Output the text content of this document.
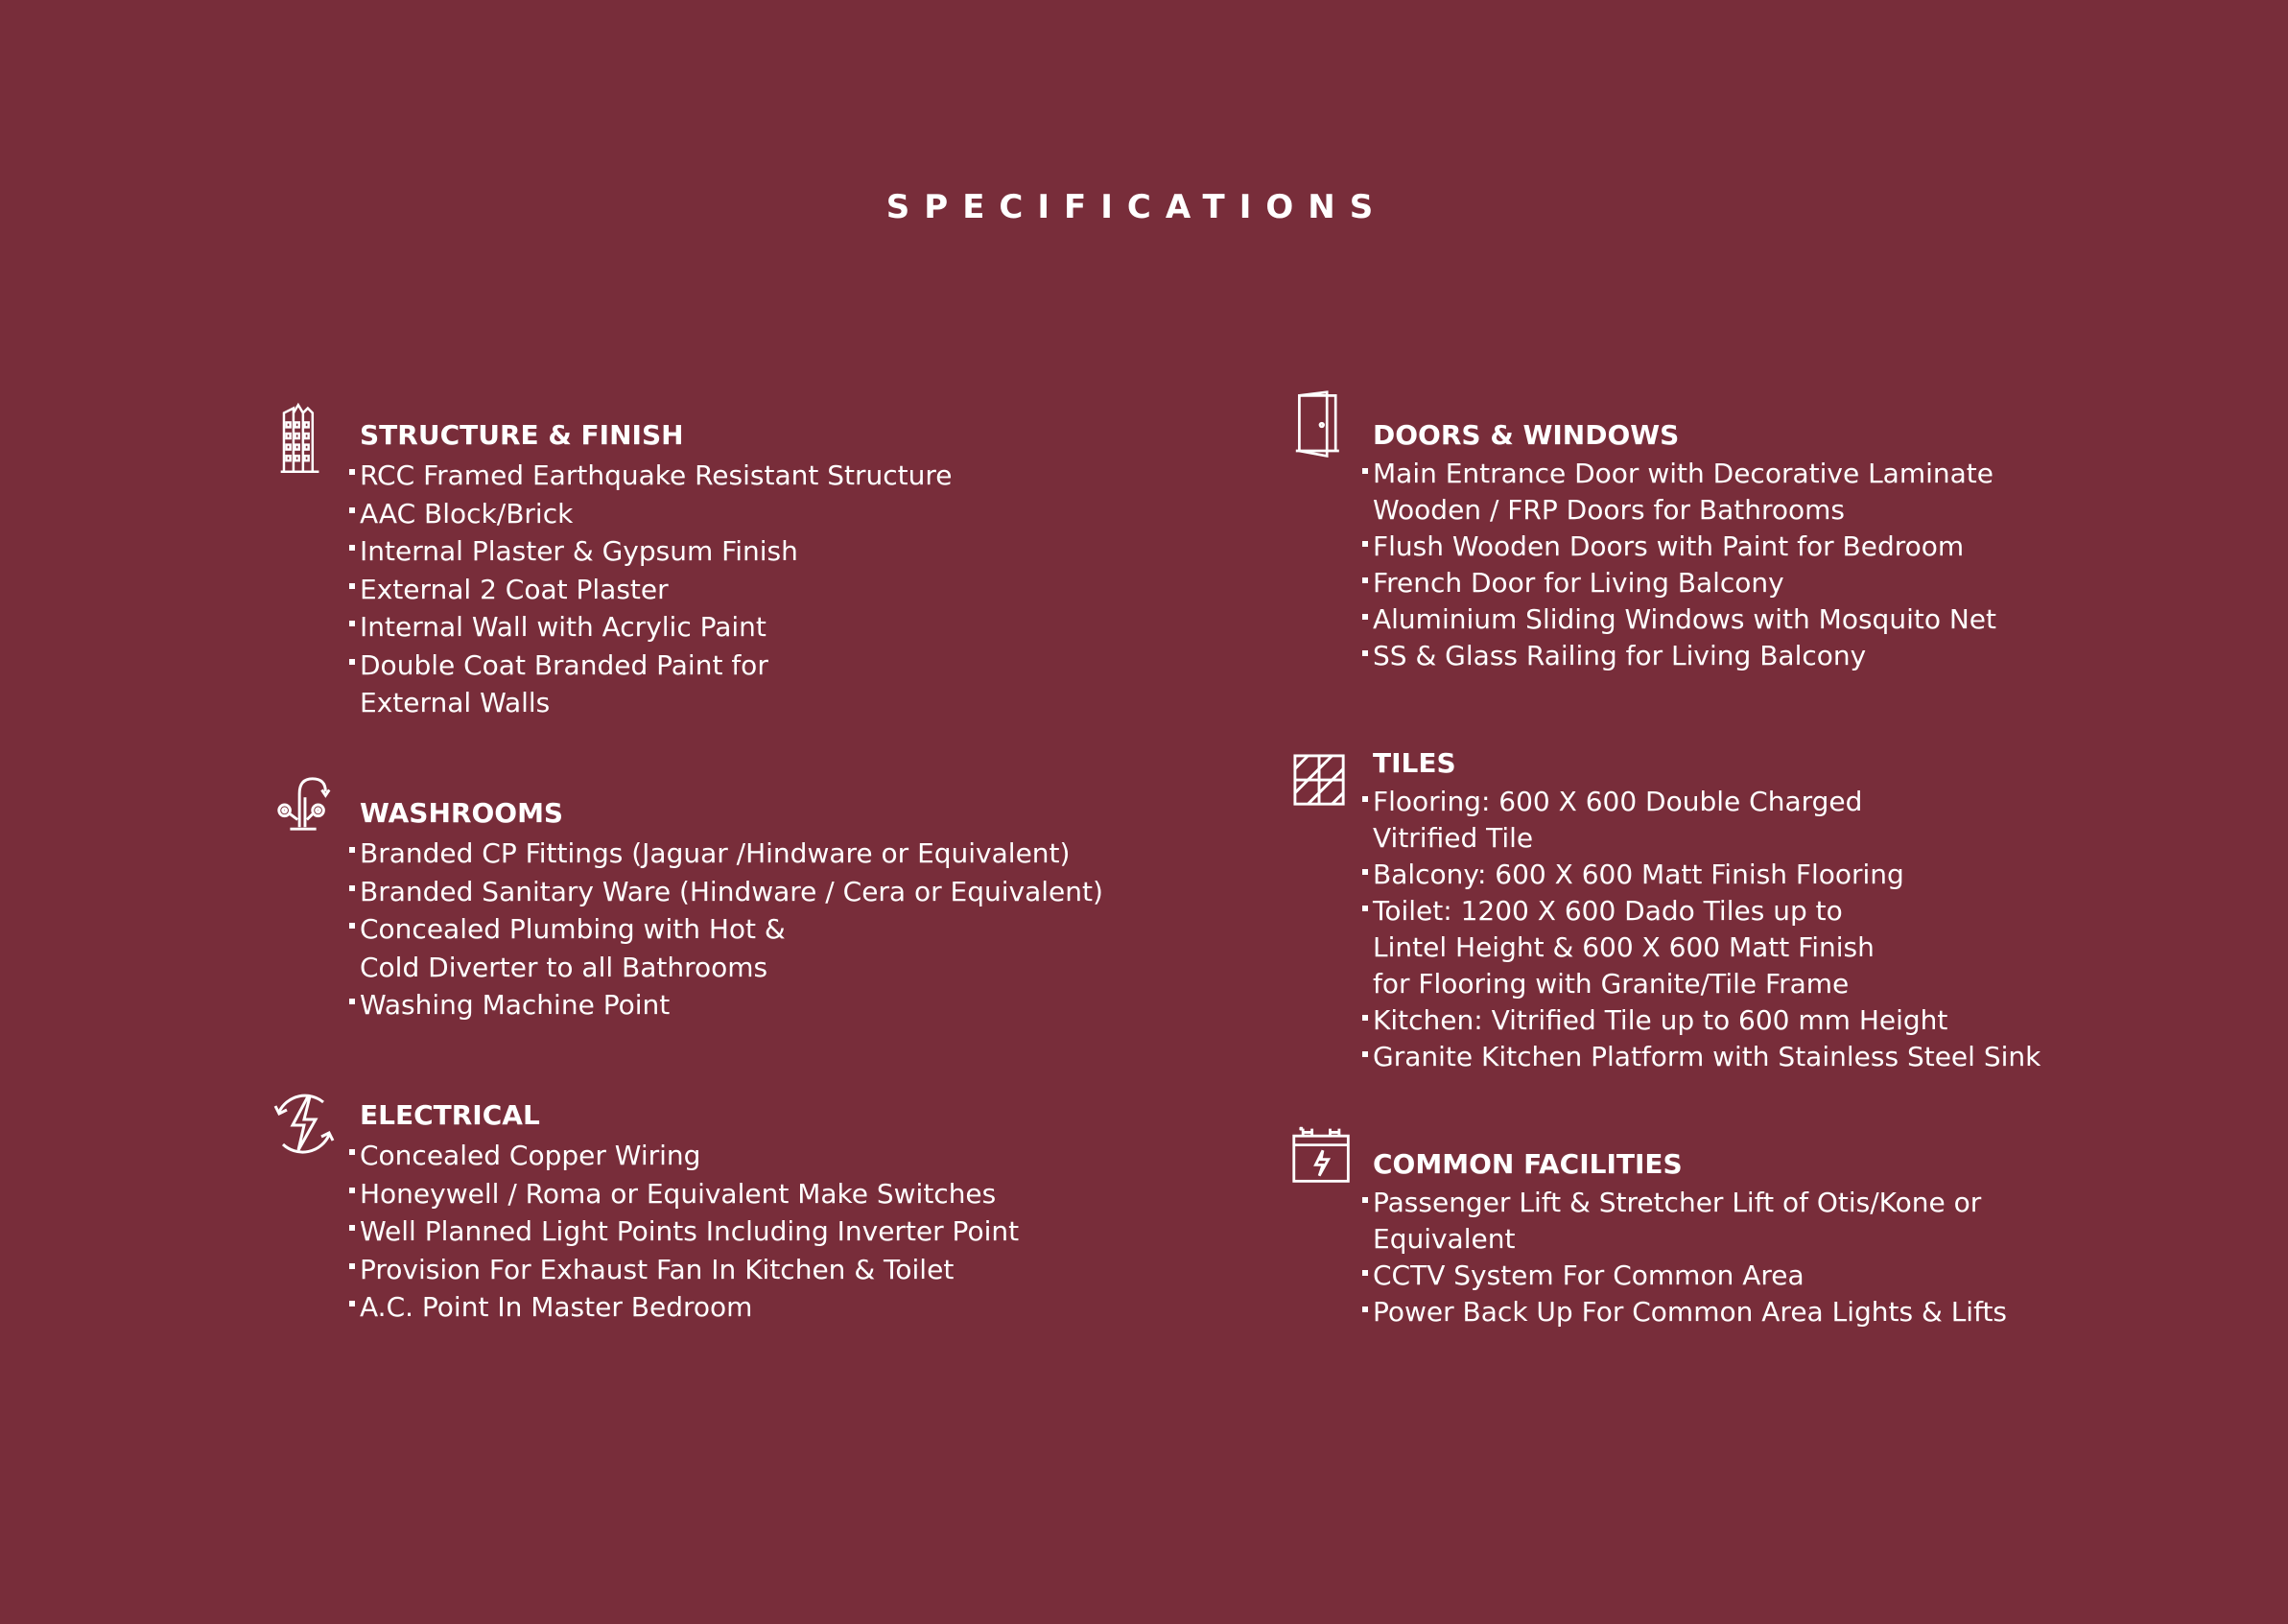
SPECIFICATIONS
STRUCTURE & FINISH
RCC Framed Earthquake Resistant Structure
AAC Block/Brick
Internal Plaster & Gypsum Finish
External 2 Coat Plaster
Internal Wall with Acrylic Paint
Double Coat Branded Paint for
External Walls
WASHROOMS
Branded CP Fittings (Jaguar /Hindware or Equivalent)
Branded Sanitary Ware (Hindware / Cera or Equivalent)
Concealed Plumbing with Hot &
Cold Diverter to all Bathrooms
Washing Machine Point
ELECTRICAL
Concealed Copper Wiring
Honeywell / Roma or Equivalent Make Switches
Well Planned Light Points Including Inverter Point
Provision For Exhaust Fan In Kitchen & Toilet
A.C. Point In Master Bedroom
DOORS & WINDOWS
Main Entrance Door with Decorative Laminate
Wooden / FRP Doors for Bathrooms
Flush Wooden Doors with Paint for Bedroom
French Door for Living Balcony
Aluminium Sliding Windows with Mosquito Net
SS & Glass Railing for Living Balcony
TILES
Flooring: 600 X 600 Double Charged
Vitrified Tile
Balcony: 600 X 600 Matt Finish Flooring
Toilet: 1200 X 600 Dado Tiles up to
Lintel Height & 600 X 600 Matt Finish
for Flooring with Granite/Tile Frame
Kitchen: Vitrified Tile up to 600 mm Height
Granite Kitchen Platform with Stainless Steel Sink
COMMON FACILITIES
Passenger Lift & Stretcher Lift of Otis/Kone or
Equivalent
CCTV System For Common Area
Power Back Up For Common Area Lights & Lifts
